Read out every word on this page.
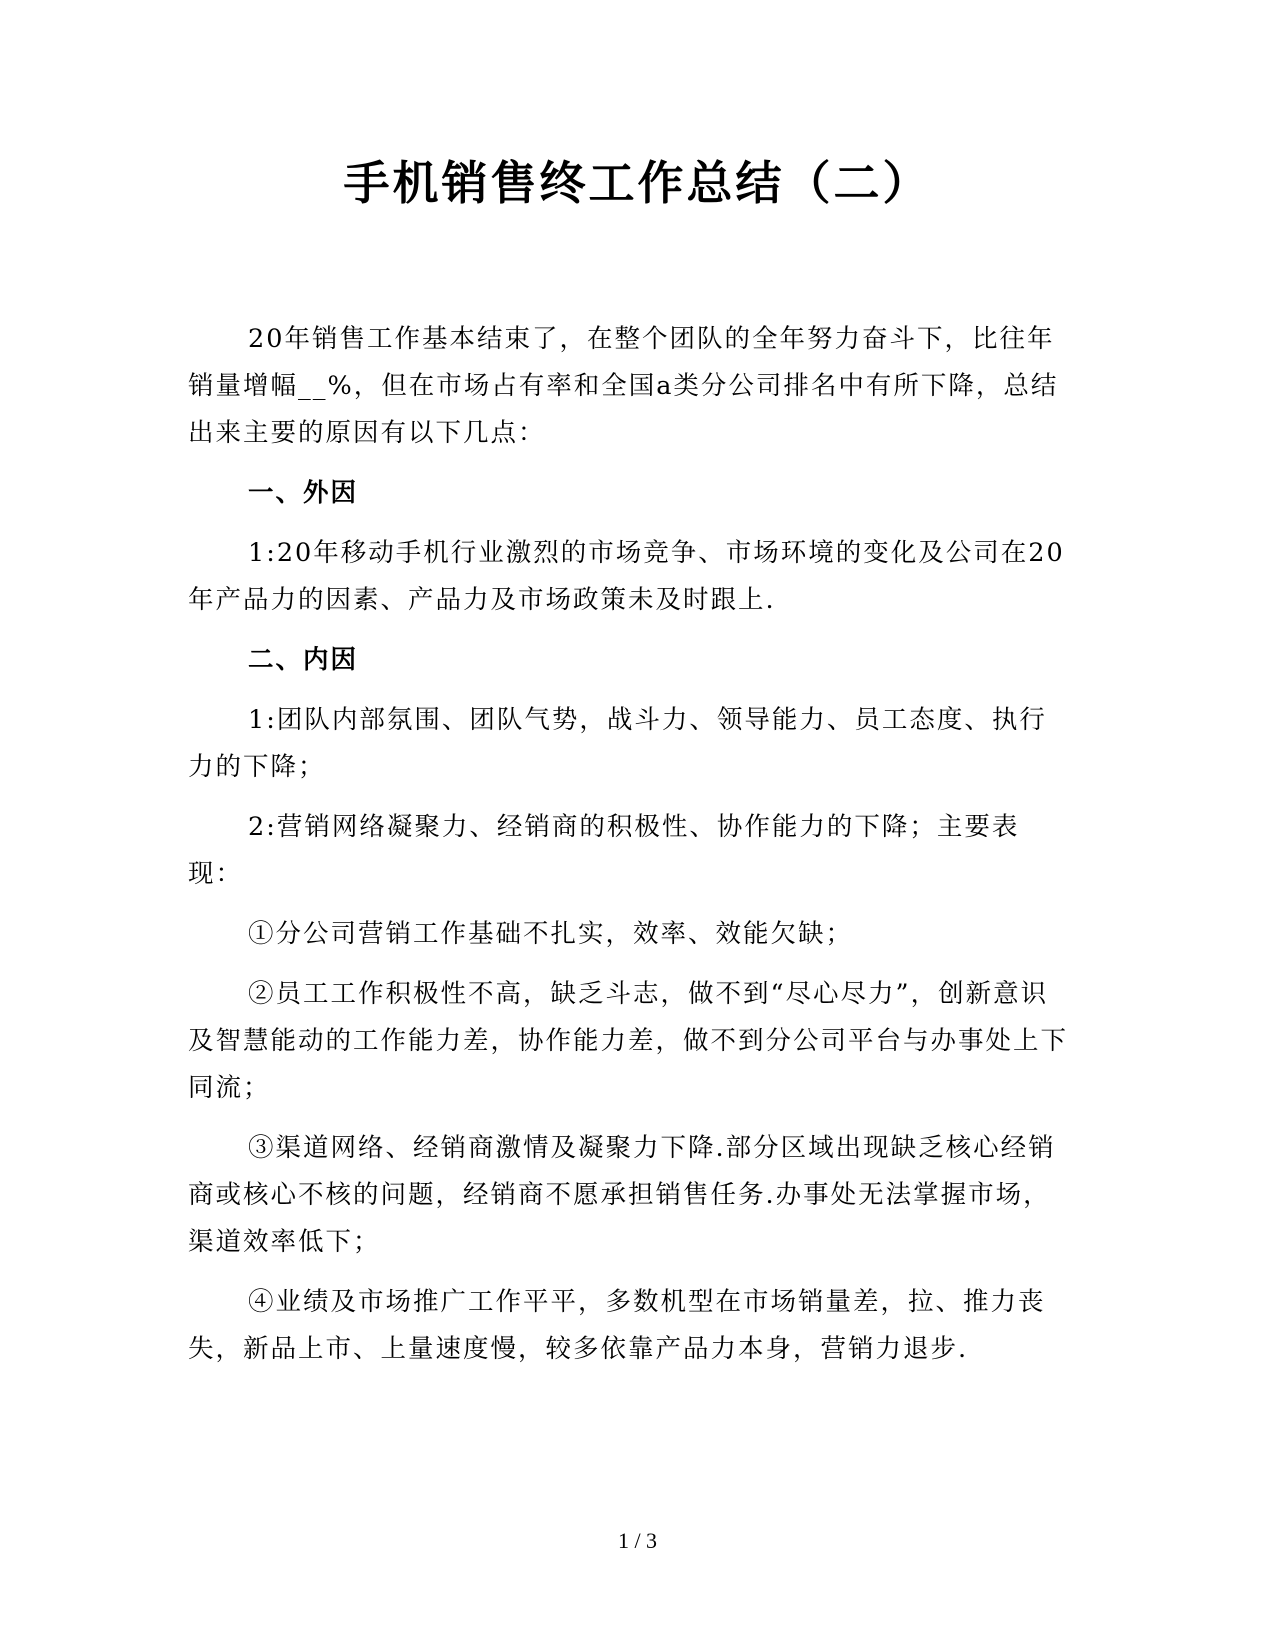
手机销售终工作总结（二）

20年销售工作基本结束了，在整个团队的全年努力奋斗下，比往年销量增幅__%，但在市场占有率和全国a类分公司排名中有所下降，总结出来主要的原因有以下几点：

一、外因

1:20年移动手机行业激烈的市场竞争、市场环境的变化及公司在20年产品力的因素、产品力及市场政策未及时跟上.

二、内因

1:团队内部氛围、团队气势，战斗力、领导能力、员工态度、执行力的下降；

2:营销网络凝聚力、经销商的积极性、协作能力的下降；主要表现：

①分公司营销工作基础不扎实，效率、效能欠缺；

②员工工作积极性不高，缺乏斗志，做不到“尽心尽力”，创新意识及智慧能动的工作能力差，协作能力差，做不到分公司平台与办事处上下同流；

③渠道网络、经销商激情及凝聚力下降.部分区域出现缺乏核心经销商或核心不核的问题，经销商不愿承担销售任务.办事处无法掌握市场，渠道效率低下；

④业绩及市场推广工作平平，多数机型在市场销量差，拉、推力丧失，新品上市、上量速度慢，较多依靠产品力本身，营销力退步.

1 / 3
